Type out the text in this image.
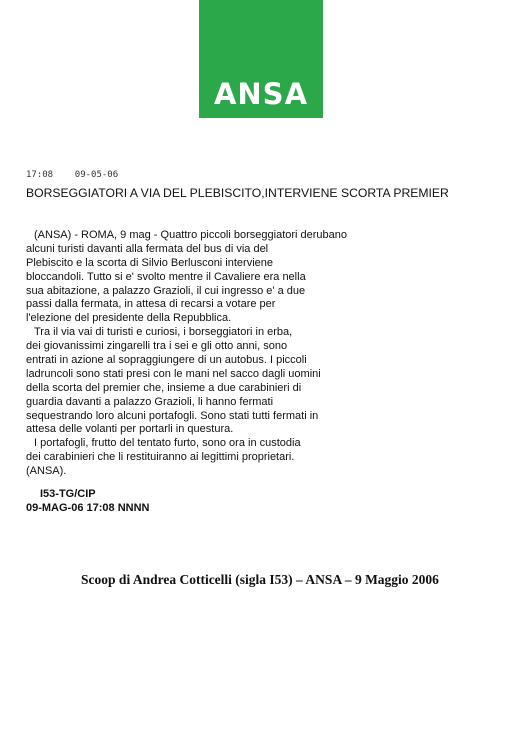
ANSA
17:08 09-05-06
BORSEGGIATORI A VIA DEL PLEBISCITO,INTERVIENE SCORTA PREMIER
(ANSA) - ROMA, 9 mag - Quattro piccoli borseggiatori derubano
alcuni turisti davanti alla fermata del bus di via del
Plebiscito e la scorta di Silvio Berlusconi interviene
bloccandoli. Tutto si e' svolto mentre il Cavaliere era nella
sua abitazione, a palazzo Grazioli, il cui ingresso e' a due
passi dalla fermata, in attesa di recarsi a votare per
l'elezione del presidente della Repubblica.
Tra il via vai di turisti e curiosi, i borseggiatori in erba,
dei giovanissimi zingarelli tra i sei e gli otto anni, sono
entrati in azione al sopraggiungere di un autobus. I piccoli
ladruncoli sono stati presi con le mani nel sacco dagli uomini
della scorta del premier che, insieme a due carabinieri di
guardia davanti a palazzo Grazioli, li hanno fermati
sequestrando loro alcuni portafogli. Sono stati tutti fermati in
attesa delle volanti per portarli in questura.
I portafogli, frutto del tentato furto, sono ora in custodia
dei carabinieri che li restituiranno ai legittimi proprietari.
(ANSA).
I53-TG/CIP
09-MAG-06 17:08 NNNN
Scoop di Andrea Cotticelli (sigla I53) – ANSA – 9 Maggio 2006
